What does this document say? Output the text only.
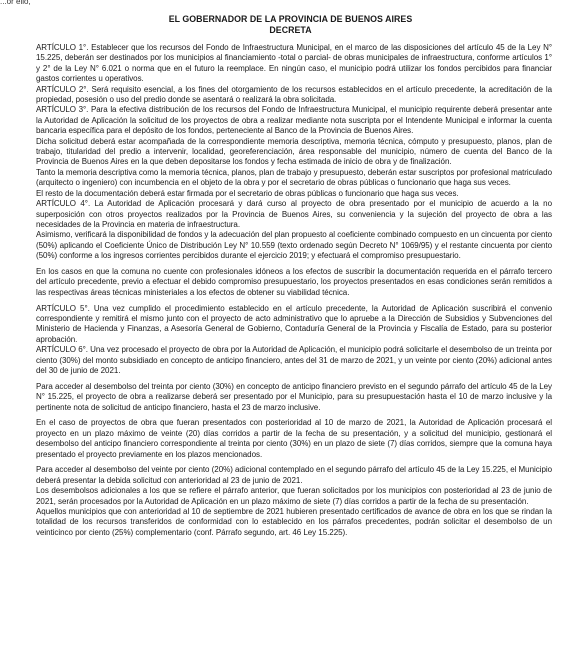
...or ello,
EL GOBERNADOR DE LA PROVINCIA DE BUENOS AIRES
DECRETA

ARTÍCULO 1°. Establecer que los recursos del Fondo de Infraestructura Municipal, en el marco de las disposiciones del artículo 45 de la Ley N° 15.225, deberán ser destinados por los municipios al financiamiento -total o parcial- de obras municipales de infraestructura, conforme artículos 1° y 2° de la Ley N° 6.021 o norma que en el futuro la reemplace. En ningún caso, el municipio podrá utilizar los fondos percibidos para financiar gastos corrientes u operativos.

ARTÍCULO 2°. Será requisito esencial, a los fines del otorgamiento de los recursos establecidos en el artículo precedente, la acreditación de la propiedad, posesión o uso del predio donde se asentará o realizará la obra solicitada.

ARTÍCULO 3°. Para la efectiva distribución de los recursos del Fondo de Infraestructura Municipal, el municipio requirente deberá presentar ante la Autoridad de Aplicación la solicitud de los proyectos de obra a realizar mediante nota suscripta por el Intendente Municipal e informar la cuenta bancaria específica para el depósito de los fondos, perteneciente al Banco de la Provincia de Buenos Aires.

Dicha solicitud deberá estar acompañada de la correspondiente memoria descriptiva, memoria técnica, cómputo y presupuesto, planos, plan de trabajo, titularidad del predio a intervenir, localidad, georeferenciación, área responsable del municipio, número de cuenta del Banco de la Provincia de Buenos Aires en la que deben depositarse los fondos y fecha estimada de inicio de obra y de finalización.

Tanto la memoria descriptiva como la memoria técnica, planos, plan de trabajo y presupuesto, deberán estar suscriptos por profesional matriculado (arquitecto o ingeniero) con incumbencia en el objeto de la obra y por el secretario de obras públicas o funcionario que haga sus veces.

El resto de la documentación deberá estar firmada por el secretario de obras públicas o funcionario que haga sus veces.

ARTÍCULO 4°. La Autoridad de Aplicación procesará y dará curso al proyecto de obra presentado por el municipio de acuerdo a la no superposición con otros proyectos realizados por la Provincia de Buenos Aires, su conveniencia y la sujeción del proyecto de obra a las necesidades de la Provincia en materia de infraestructura.

Asimismo, verificará la disponibilidad de fondos y la adecuación del plan propuesto al coeficiente combinado compuesto en un cincuenta por ciento (50%) aplicando el Coeficiente Único de Distribución Ley N° 10.559 (texto ordenado según Decreto N° 1069/95) y el restante cincuenta por ciento (50%) conforme a los ingresos corrientes percibidos durante el ejercicio 2019; y efectuará el compromiso presupuestario.

En los casos en que la comuna no cuente con profesionales idóneos a los efectos de suscribir la documentación requerida en el párrafo tercero del artículo precedente, previo a efectuar el debido compromiso presupuestario, los proyectos presentados en esas condiciones serán remitidos a las respectivas áreas técnicas ministeriales a los efectos de obtener su viabilidad técnica.

ARTÍCULO 5°. Una vez cumplido el procedimiento establecido en el artículo precedente, la Autoridad de Aplicación suscribirá el convenio correspondiente y remitirá el mismo junto con el proyecto de acto administrativo que lo apruebe a la Dirección de Subsidios y Subvenciones del Ministerio de Hacienda y Finanzas, a Asesoría General de Gobierno, Contaduría General de la Provincia y Fiscalía de Estado, para su posterior aprobación.

ARTÍCULO 6°. Una vez procesado el proyecto de obra por la Autoridad de Aplicación, el municipio podrá solicitarle el desembolso de un treinta por ciento (30%) del monto subsidiado en concepto de anticipo financiero, antes del 31 de marzo de 2021, y un veinte por ciento (20%) adicional antes del 30 de junio de 2021.

Para acceder al desembolso del treinta por ciento (30%) en concepto de anticipo financiero previsto en el segundo párrafo del artículo 45 de la Ley N° 15.225, el proyecto de obra a realizarse deberá ser presentado por el Municipio, para su presupuestación hasta el 10 de marzo inclusive y la pertinente nota de solicitud de anticipo financiero, hasta el 23 de marzo inclusive.

En el caso de proyectos de obra que fueran presentados con posterioridad al 10 de marzo de 2021, la Autoridad de Aplicación procesará el proyecto en un plazo máximo de veinte (20) días corridos a partir de la fecha de su presentación, y a solicitud del municipio, gestionará el desembolso del anticipo financiero correspondiente al treinta por ciento (30%) en un plazo de siete (7) días corridos, siempre que la comuna haya presentado el proyecto previamente en los plazos mencionados.

Para acceder al desembolso del veinte por ciento (20%) adicional contemplado en el segundo párrafo del artículo 45 de la Ley 15.225, el Municipio deberá presentar la debida solicitud con anterioridad al 23 de junio de 2021.

Los desembolsos adicionales a los que se refiere el párrafo anterior, que fueran solicitados por los municipios con posterioridad al 23 de junio de 2021, serán procesados por la Autoridad de Aplicación en un plazo máximo de siete (7) días corridos a partir de la fecha de su presentación.

Aquellos municipios que con anterioridad al 10 de septiembre de 2021 hubieren presentado certificados de avance de obra en los que se rindan la totalidad de los recursos transferidos de conformidad con lo establecido en los párrafos precedentes, podrán solicitar el desembolso de un veinticinco por ciento (25%) complementario (conf. Párrafo segundo, art. 46 Ley 15.225).
